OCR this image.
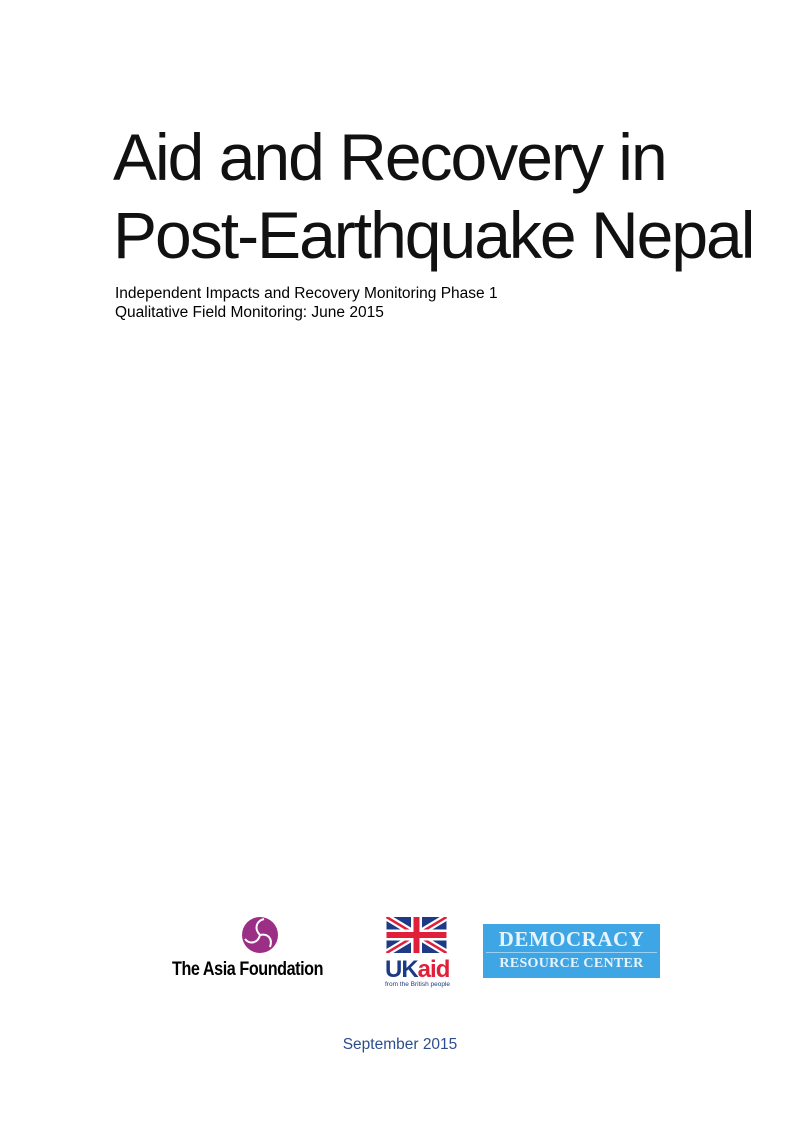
Aid and Recovery in
Post-Earthquake Nepal
Independent Impacts and Recovery Monitoring Phase 1
Qualitative Field Monitoring: June 2015
The Asia Foundation	UKaid
from the British people
DEMOCRACY
RESOURCE CENTER
September 2015
